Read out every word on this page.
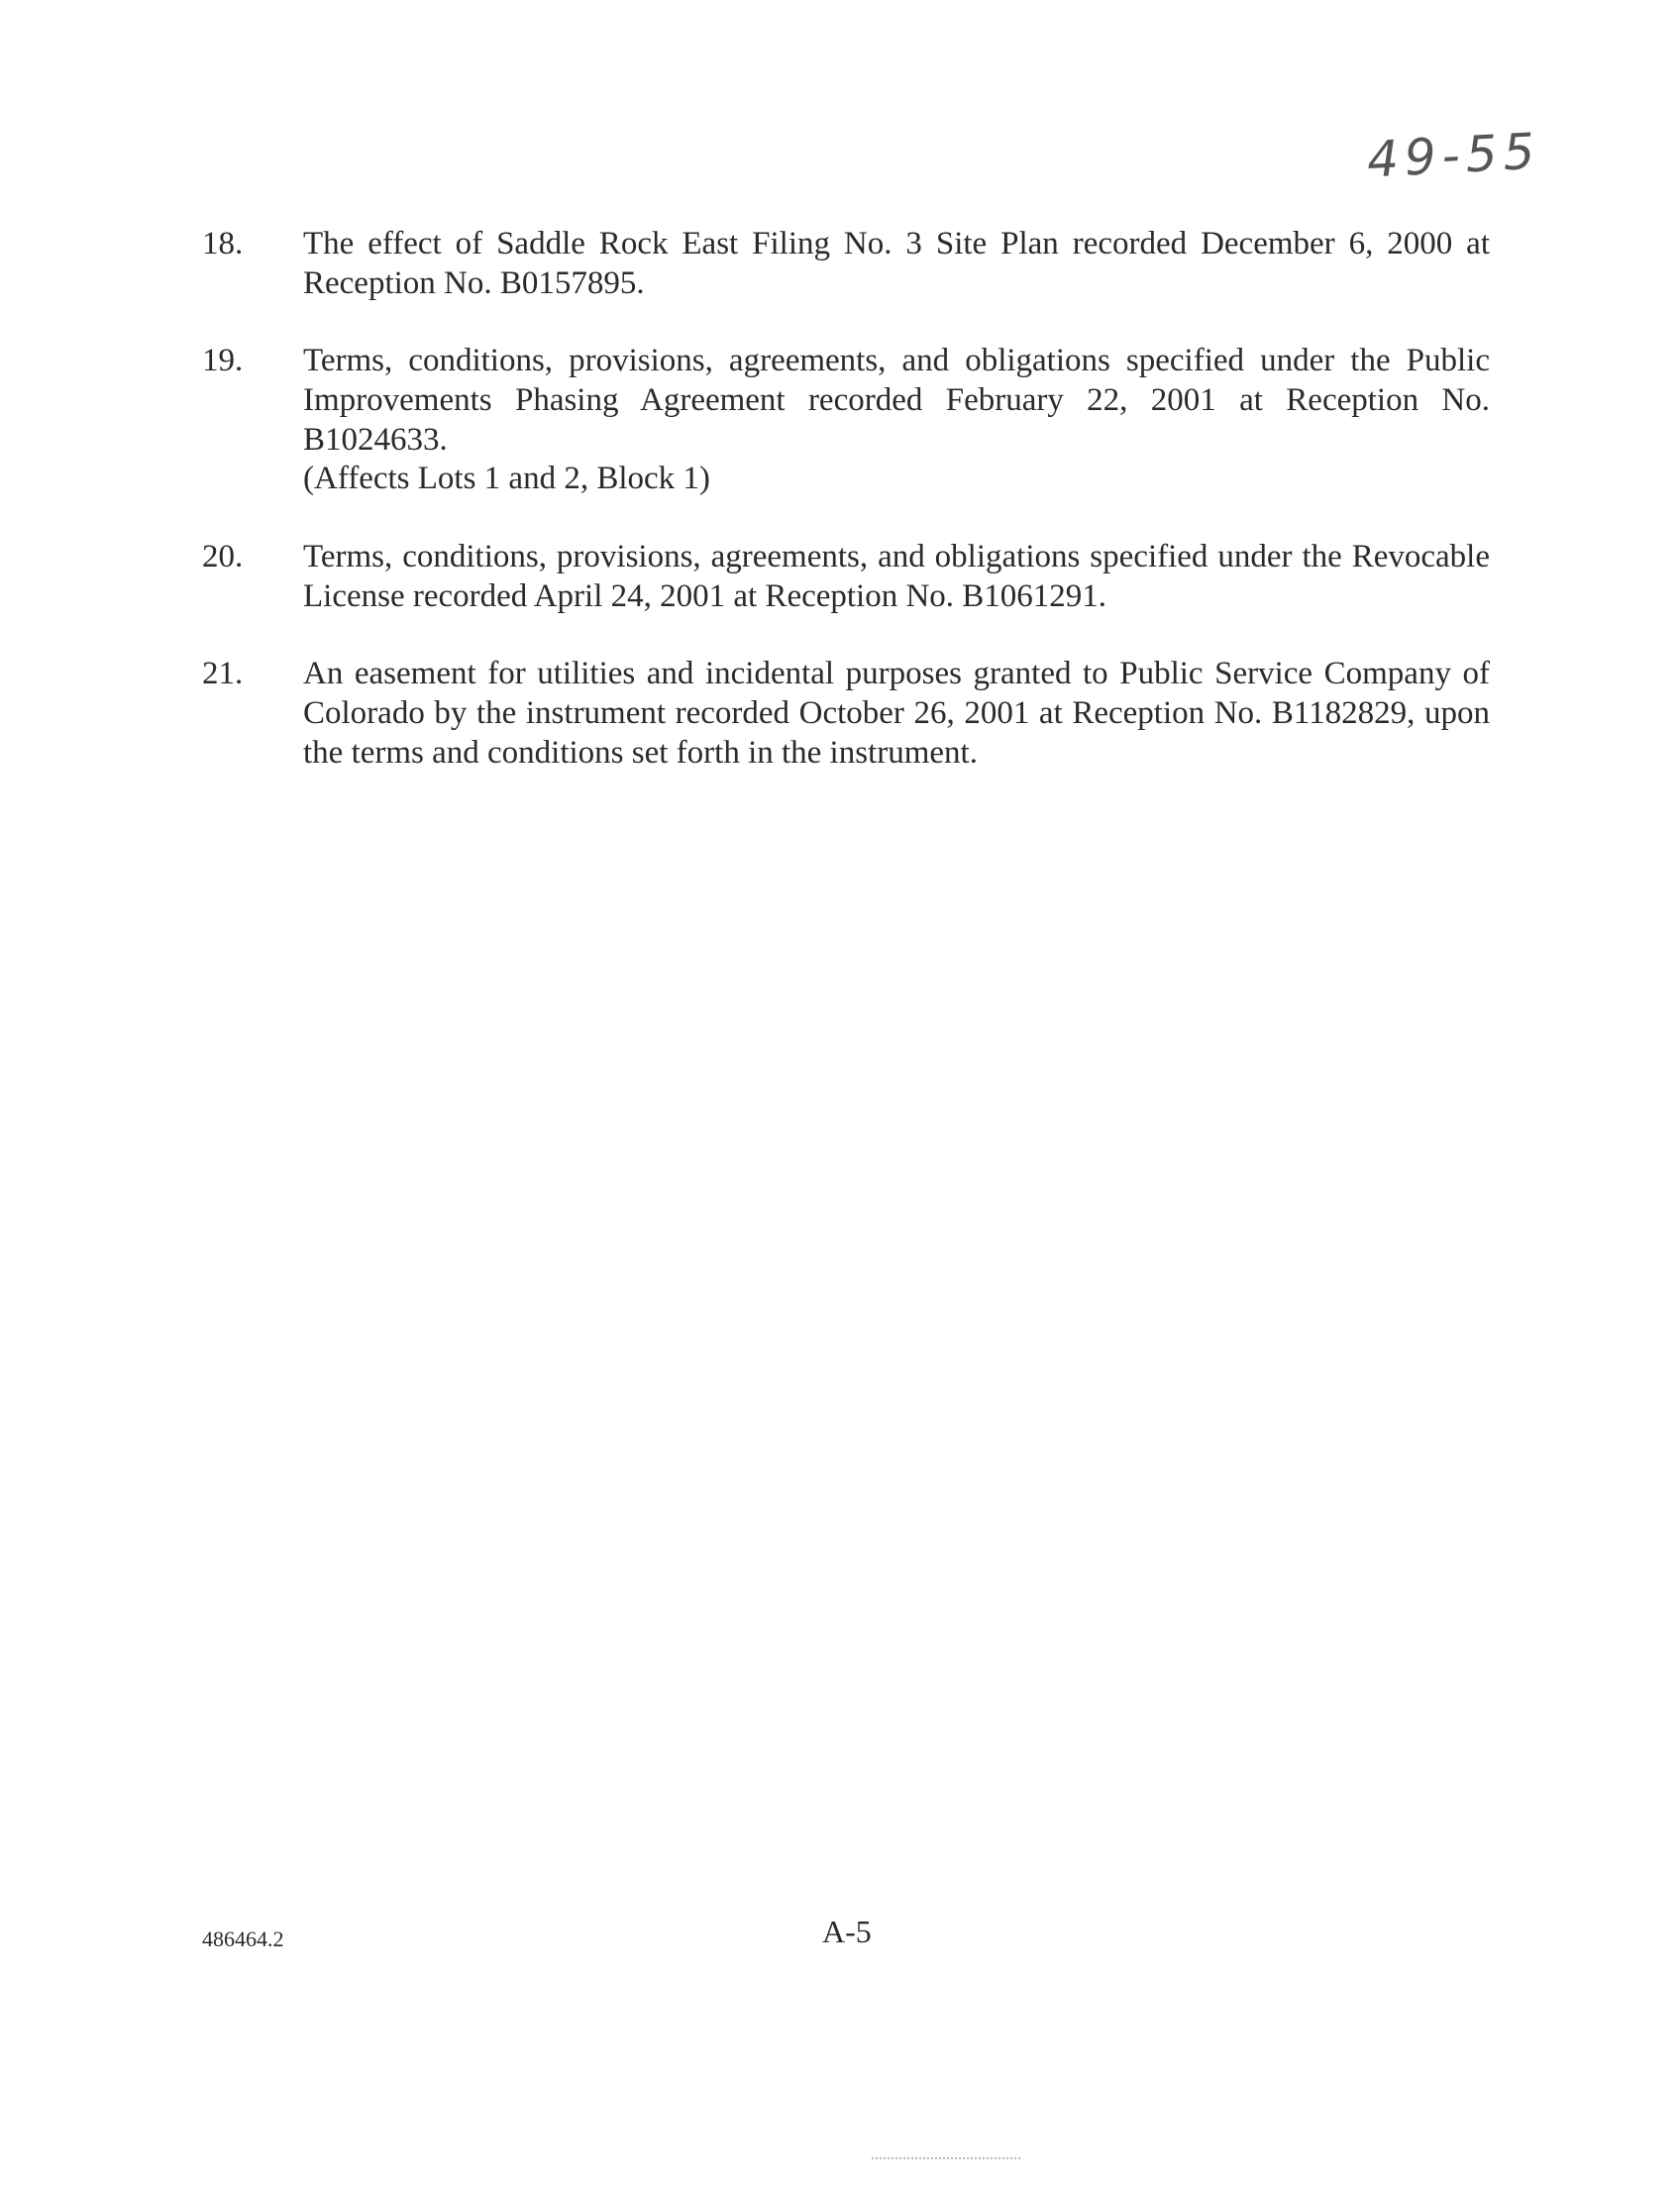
49-55
18.	The effect of Saddle Rock East Filing No. 3 Site Plan recorded December 6, 2000 at Reception No. B0157895.
19.	Terms, conditions, provisions, agreements, and obligations specified under the Public Improvements Phasing Agreement recorded February 22, 2001 at Reception No. B1024633.
(Affects Lots 1 and 2, Block 1)
20.	Terms, conditions, provisions, agreements, and obligations specified under the Revocable License recorded April 24, 2001 at Reception No. B1061291.
21.	An easement for utilities and incidental purposes granted to Public Service Company of Colorado by the instrument recorded October 26, 2001 at Reception No. B1182829, upon the terms and conditions set forth in the instrument.
486464.2	A-5
